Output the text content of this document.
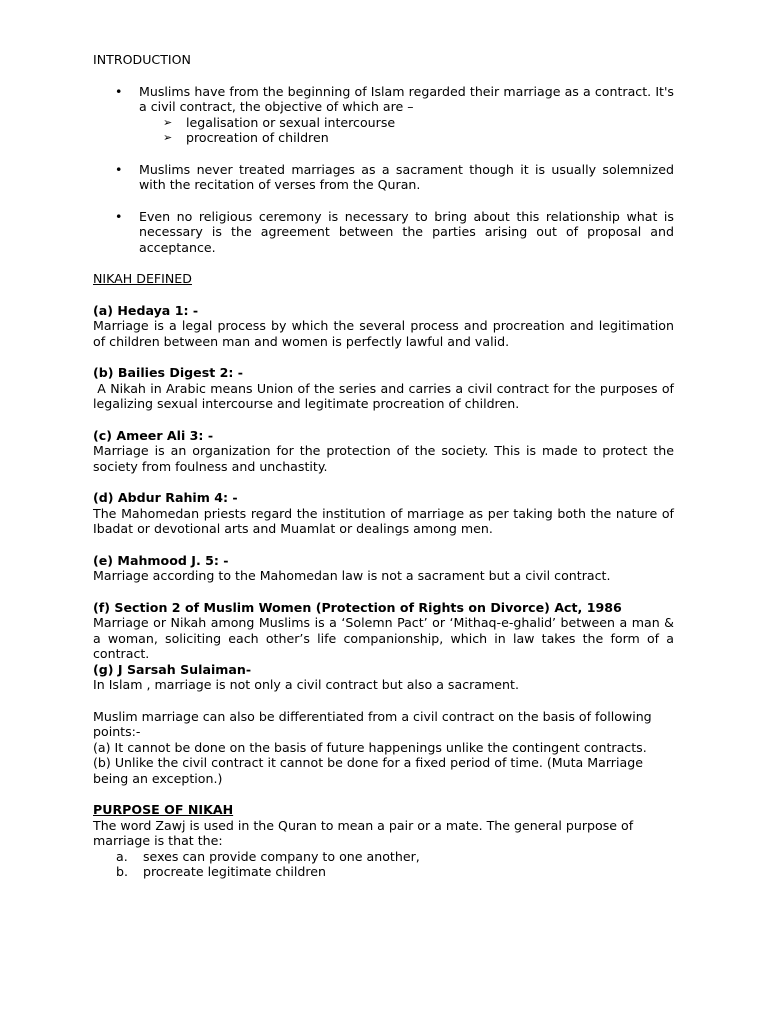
INTRODUCTION

• Muslims have from the beginning of Islam regarded their marriage as a contract. It's a civil contract, the objective of which are –
➢ legalisation or sexual intercourse
➢ procreation of children
• Muslims never treated marriages as a sacrament though it is usually solemnized with the recitation of verses from the Quran.
• Even no religious ceremony is necessary to bring about this relationship what is necessary is the agreement between the parties arising out of proposal and acceptance.

NIKAH DEFINED

(a) Hedaya 1: -

Marriage is a legal process by which the several process and procreation and legitimation of children between man and women is perfectly lawful and valid.

(b) Bailies Digest 2: -

A Nikah in Arabic means Union of the series and carries a civil contract for the purposes of legalizing sexual intercourse and legitimate procreation of children.

(c) Ameer Ali 3: -

Marriage is an organization for the protection of the society. This is made to protect the society from foulness and unchastity.

(d) Abdur Rahim 4: -

The Mahomedan priests regard the institution of marriage as per taking both the nature of Ibadat or devotional arts and Muamlat or dealings among men.

(e) Mahmood J. 5: -

Marriage according to the Mahomedan law is not a sacrament but a civil contract.

(f) Section 2 of Muslim Women (Protection of Rights on Divorce) Act, 1986

Marriage or Nikah among Muslims is a ‘Solemn Pact’ or ‘Mithaq-e-ghalid’ between a man & a woman, soliciting each other’s life companionship, which in law takes the form of a contract.

(g) J Sarsah Sulaiman-

In Islam , marriage is not only a civil contract but also a sacrament.

Muslim marriage can also be differentiated from a civil contract on the basis of following points:-

(a) It cannot be done on the basis of future happenings unlike the contingent contracts.

(b) Unlike the civil contract it cannot be done for a fixed period of time. (Muta Marriage being an exception.)

PURPOSE OF NIKAH

The word Zawj is used in the Quran to mean a pair or a mate. The general purpose of marriage is that the:

a. sexes can provide company to one another,
b. procreate legitimate children
